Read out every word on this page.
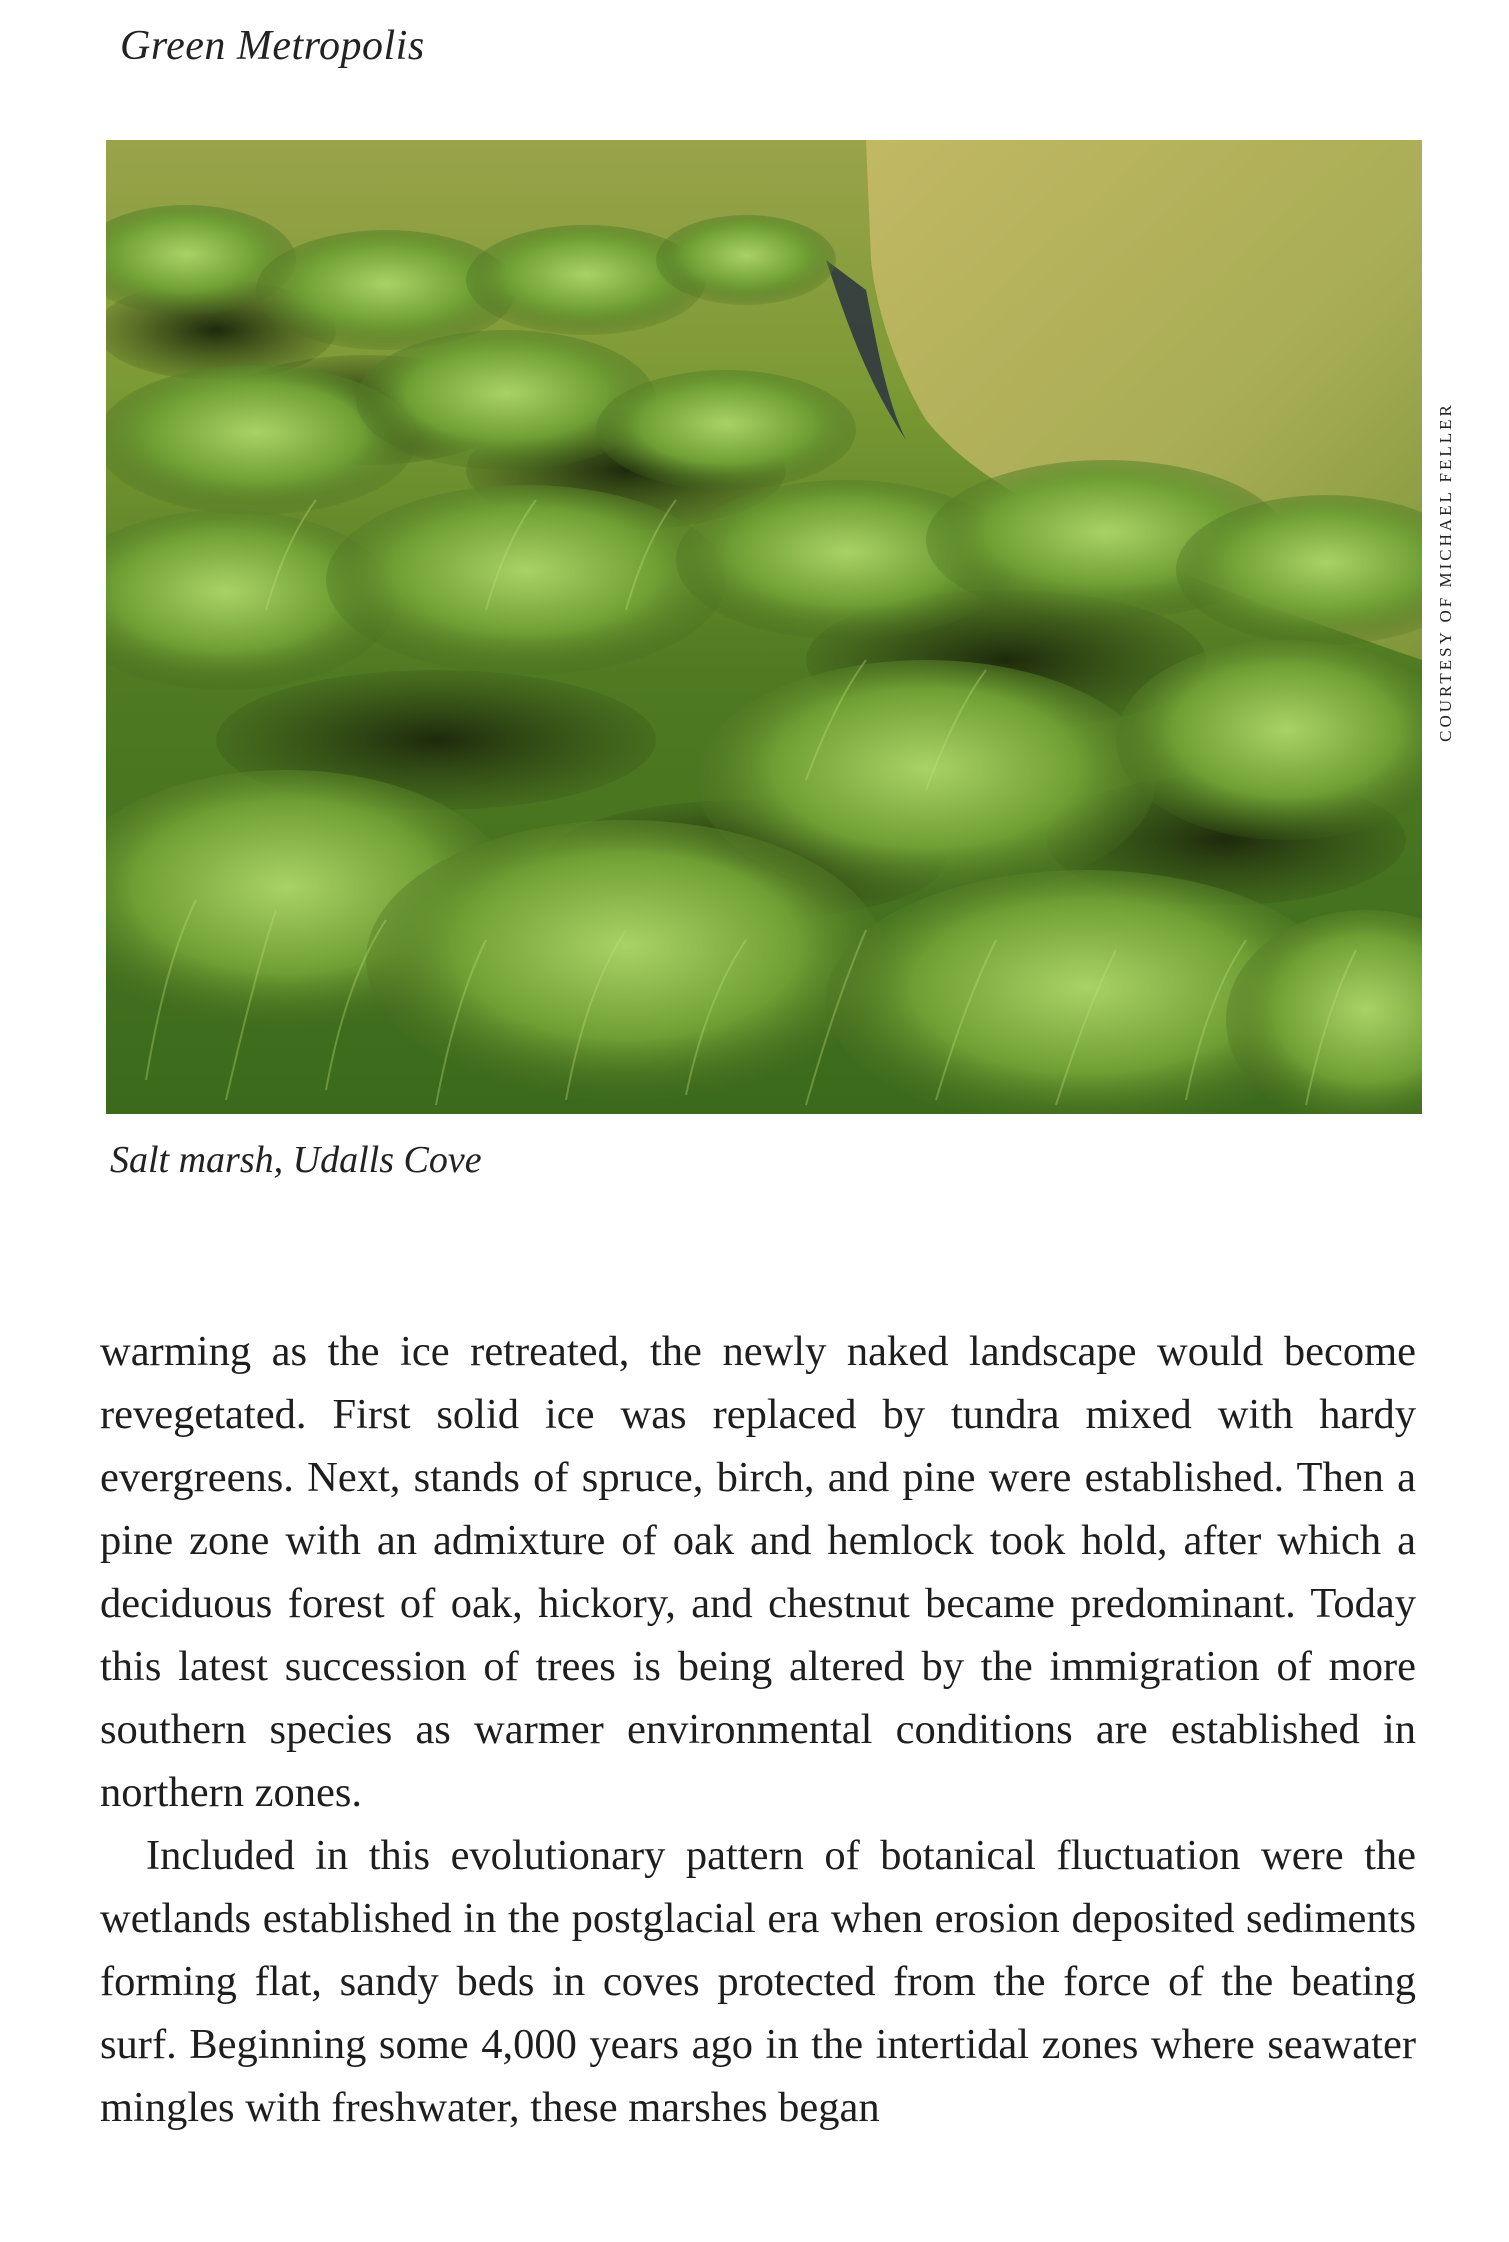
Green Metropolis
COURTESY OF MICHAEL FELLER
Salt marsh, Udalls Cove

warming as the ice retreated, the newly naked landscape would become revegetated. First solid ice was replaced by tundra mixed with hardy evergreens. Next, stands of spruce, birch, and pine were established. Then a pine zone with an admixture of oak and hemlock took hold, after which a deciduous forest of oak, hickory, and chestnut became predominant. Today this latest succession of trees is being altered by the immigration of more southern species as warmer environmental conditions are established in northern zones.

Included in this evolutionary pattern of botanical fluctuation were the wetlands established in the postglacial era when erosion deposited sediments forming flat, sandy beds in coves protected from the force of the beating surf. Beginning some 4,000 years ago in the intertidal zones where seawater mingles with freshwater, these marshes began
